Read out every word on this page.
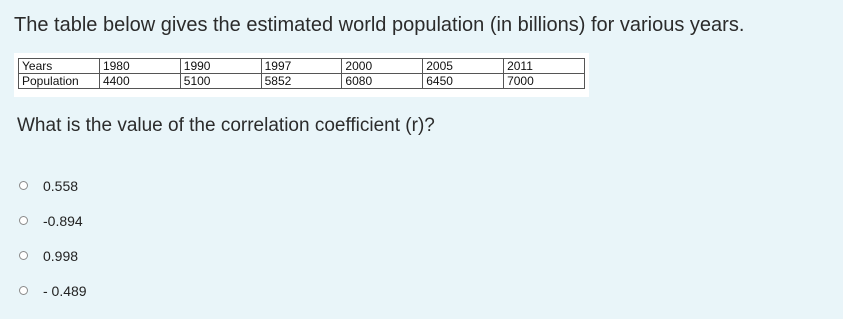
The table below gives the estimated world population (in billions) for various years.
Years	1980	1990	1997	2000	2005	2011
Population	4400	5100	5852	6080	6450	7000
What is the value of the correlation coefficient (r)?
0.558
-0.894
0.998
- 0.489
